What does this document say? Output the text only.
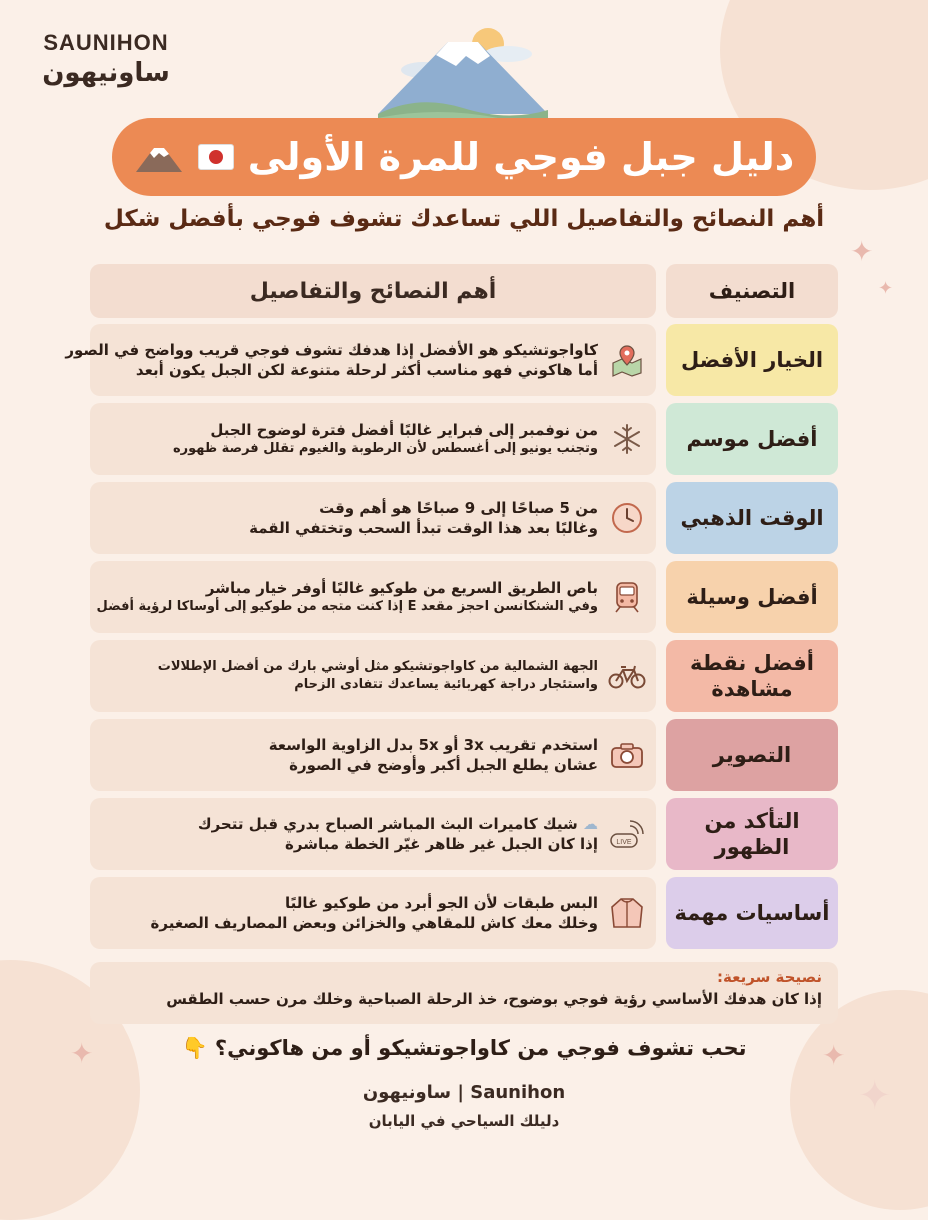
✦
✦
✦	✦
✦
SAUNIHON
ساونيهون
دليل جبل فوجي للمرة الأولى
أهم النصائح والتفاصيل اللي تساعدك تشوف فوجي بأفضل شكل
التصنيف
أهم النصائح والتفاصيل
الخيار الأفضل
كاواجوتشيكو هو الأفضل إذا هدفك تشوف فوجي قريب وواضح في الصور
أما هاكوني فهو مناسب أكثر لرحلة متنوعة لكن الجبل يكون أبعد
أفضل موسم
من نوفمبر إلى فبراير غالبًا أفضل فترة لوضوح الجبل
وتجنب يونيو إلى أغسطس لأن الرطوبة والغيوم تقلل فرصة ظهوره
الوقت الذهبي
من 5 صباحًا إلى 9 صباحًا هو أهم وقت
وغالبًا بعد هذا الوقت تبدأ السحب وتختفي القمة
أفضل وسيلة
باص الطريق السريع من طوكيو غالبًا أوفر خيار مباشر
وفي الشنكانسن احجز مقعد E إذا كنت متجه من طوكيو إلى أوساكا لرؤية أفضل
أفضل نقطة مشاهدة
الجهة الشمالية من كاواجوتشيكو مثل أوشي بارك من أفضل الإطلالات
واستئجار دراجة كهربائية يساعدك تتفادى الزحام
التصوير
استخدم تقريب 3x أو 5x بدل الزاوية الواسعة
عشان يطلع الجبل أكبر وأوضح في الصورة
التأكد من الظهور
LIVE
☁ شيك كاميرات البث المباشر الصباح بدري قبل تتحرك
إذا كان الجبل غير ظاهر غيّر الخطة مباشرة
أساسيات مهمة
البس طبقات لأن الجو أبرد من طوكيو غالبًا
وخلك معك كاش للمقاهي والخزائن وبعض المصاريف الصغيرة
نصيحة سريعة:
إذا كان هدفك الأساسي رؤية فوجي بوضوح، خذ الرحلة الصباحية وخلك مرن حسب الطقس
تحب تشوف فوجي من كاواجوتشيكو أو من هاكوني؟ 👇
Saunihon | ساونيهون
دليلك السياحي في اليابان
